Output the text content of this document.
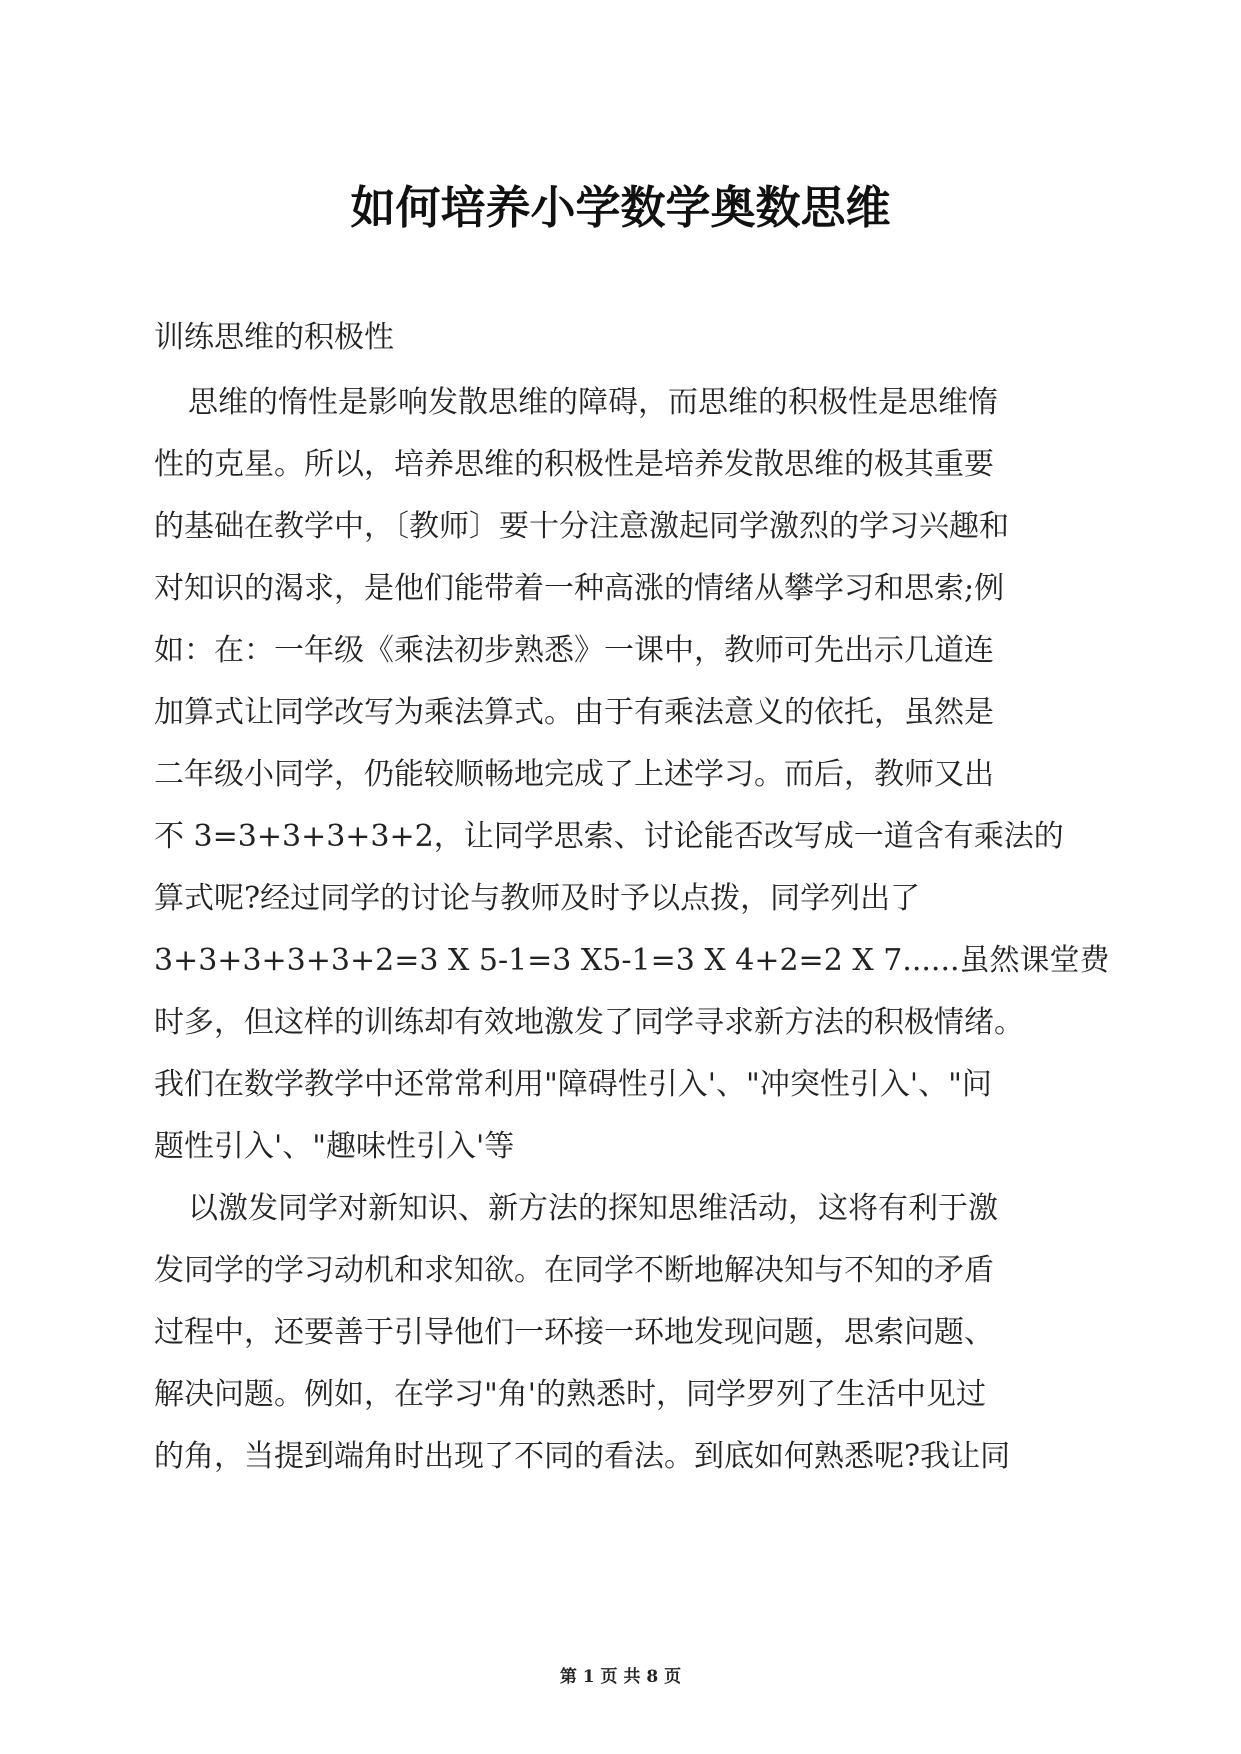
如何培养小学数学奥数思维
训练思维的积极性
思维的惰性是影响发散思维的障碍，而思维的积极性是思维惰
性的克星。所以，培养思维的积极性是培养发散思维的极其重要
的基础在教学中，〔教师〕要十分注意激起同学激烈的学习兴趣和
对知识的渴求，是他们能带着一种高涨的情绪从攀学习和思索;例
如：在：一年级《乘法初步熟悉》一课中，教师可先出示几道连
加算式让同学改写为乘法算式。由于有乘法意义的依托，虽然是
二年级小同学，仍能较顺畅地完成了上述学习。而后，教师又出
不 3=3+3+3+3+2，让同学思索、讨论能否改写成一道含有乘法的
算式呢?经过同学的讨论与教师及时予以点拨，同学列出了
3+3+3+3+3+2=3 X 5-1=3 X5-1=3 X 4+2=2 X 7......虽然课堂费
时多，但这样的训练却有效地激发了同学寻求新方法的积极情绪。
我们在数学教学中还常常利用"障碍性引入'、"冲突性引入'、"问
题性引入'、"趣味性引入'等
以激发同学对新知识、新方法的探知思维活动，这将有利于激
发同学的学习动机和求知欲。在同学不断地解决知与不知的矛盾
过程中，还要善于引导他们一环接一环地发现问题，思索问题、
解决问题。例如，在学习"角'的熟悉时，同学罗列了生活中见过
的角，当提到端角时出现了不同的看法。到底如何熟悉呢?我让同
第 1 页 共 8 页
